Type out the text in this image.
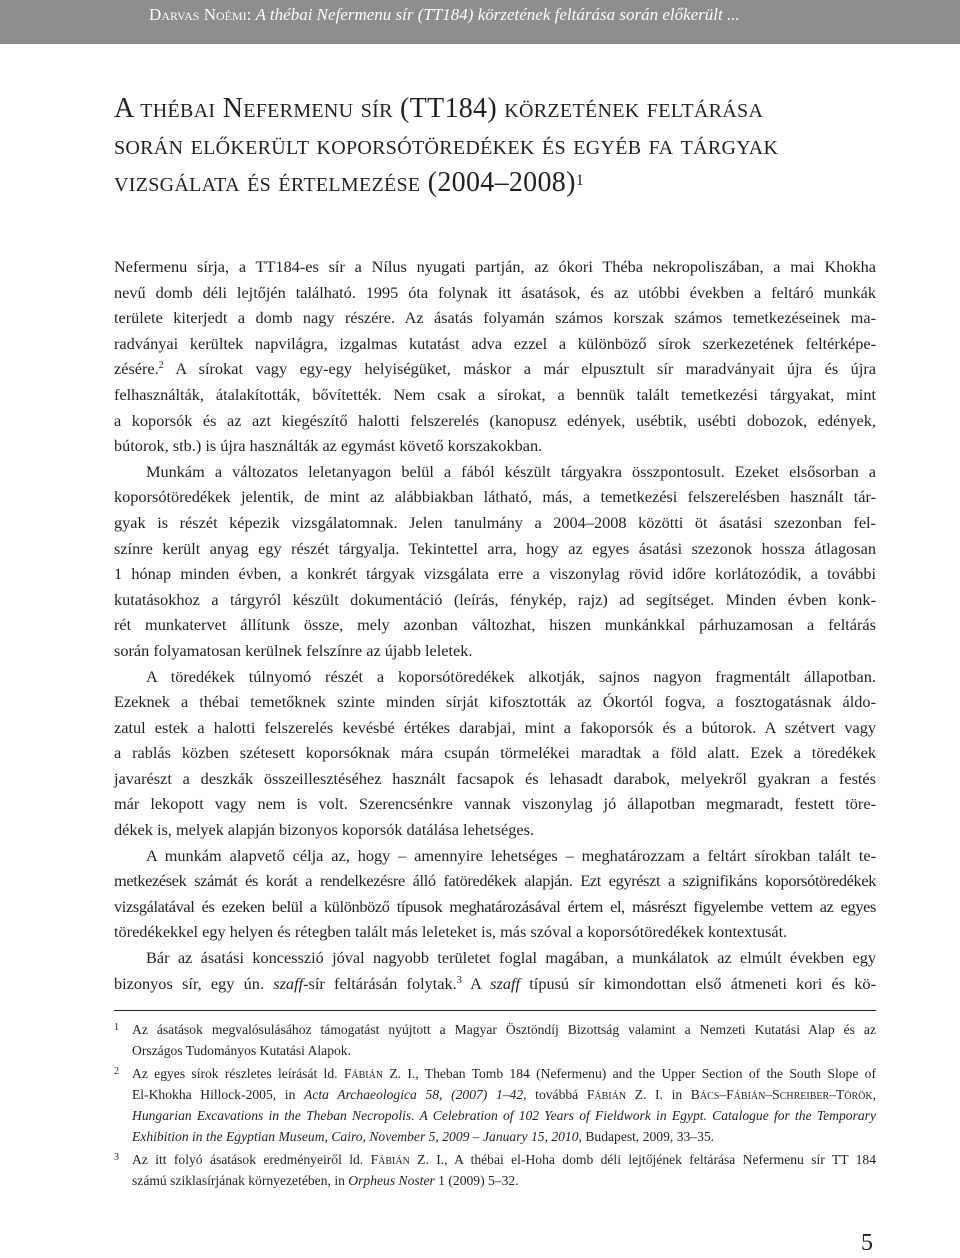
Darvas Noémi: A thébai Nefermenu sír (TT184) körzetének feltárása során előkerült ...
A thébai Nefermenu sír (TT184) körzetének feltárása
során előkerült koporsótöredékek és egyéb fa tárgyak
vizsgálata és értelmezése (2004–2008)$^1$

Nefermenu sírja, a TT184-es sír a Nílus nyugati partján, az ókori Théba nekropoliszában, a mai Khokha
nevű domb déli lejtőjén található. 1995 óta folynak itt ásatások, és az utóbbi években a feltáró munkák
területe kiterjedt a domb nagy részére. Az ásatás folyamán számos korszak számos temetkezéseinek ma-
radványai kerültek napvilágra, izgalmas kutatást adva ezzel a különböző sírok szerkezetének feltérképe-
zésére.$^2$ A sírokat vagy egy-egy helyiségüket, máskor a már elpusztult sír maradványait újra és újra
felhasználták, átalakították, bővítették. Nem csak a sírokat, a bennük talált temetkezési tárgyakat, mint
a koporsók és az azt kiegészítő halotti felszerelés (kanopusz edények, usébtik, usébti dobozok, edények,
bútorok, stb.) is újra használták az egymást követő korszakokban.

Munkám a változatos leletanyagon belül a fából készült tárgyakra összpontosult. Ezeket elsősorban a
koporsótöredékek jelentik, de mint az alábbiakban látható, más, a temetkezési felszerelésben használt tár-
gyak is részét képezik vizsgálatomnak. Jelen tanulmány a 2004–2008 közötti öt ásatási szezonban fel-
színre került anyag egy részét tárgyalja. Tekintettel arra, hogy az egyes ásatási szezonok hossza átlagosan
1 hónap minden évben, a konkrét tárgyak vizsgálata erre a viszonylag rövid időre korlátozódik, a további
kutatásokhoz a tárgyról készült dokumentáció (leírás, fénykép, rajz) ad segítséget. Minden évben konk-
rét munkatervet állítunk össze, mely azonban változhat, hiszen munkánkkal párhuzamosan a feltárás
során folyamatosan kerülnek felszínre az újabb leletek.

A töredékek túlnyomó részét a koporsótöredékek alkotják, sajnos nagyon fragmentált állapotban.
Ezeknek a thébai temetőknek szinte minden sírját kifosztották az Ókortól fogva, a fosztogatásnak áldo-
zatul estek a halotti felszerelés kevésbé értékes darabjai, mint a fakoporsók és a bútorok. A szétvert vagy
a rablás közben szétesett koporsóknak mára csupán törmelékei maradtak a föld alatt. Ezek a töredékek
javarészt a deszkák összeillesztéséhez használt facsapok és lehasadt darabok, melyekről gyakran a festés
már lekopott vagy nem is volt. Szerencsénkre vannak viszonylag jó állapotban megmaradt, festett töre-
dékek is, melyek alapján bizonyos koporsók datálása lehetséges.

A munkám alapvető célja az, hogy – amennyire lehetséges – meghatározzam a feltárt sírokban talált te-
metkezések számát és korát a rendelkezésre álló fatöredékek alapján. Ezt egyrészt a szignifikáns koporsótöredékek
vizsgálatával és ezeken belül a különböző típusok meghatározásával értem el, másrészt figyelembe vettem az egyes
töredékekkel egy helyen és rétegben talált más leleteket is, más szóval a koporsótöredékek kontextusát.

Bár az ásatási koncesszió jóval nagyobb területet foglal magában, a munkálatok az elmúlt években egy
bizonyos sír, egy ún. szaff-sír feltárásán folytak.$^3$ A szaff típusú sír kimondottan első átmeneti kori és kö-

1 Az ásatások megvalósulásához támogatást nyújtott a Magyar Ösztöndíj Bizottság valamint a Nemzeti Kutatási Alap és az
Országos Tudományos Kutatási Alapok.
2 Az egyes sírok részletes leírását ld. Fábián Z. I., Theban Tomb 184 (Nefermenu) and the Upper Section of the South Slope of
El-Khokha Hillock-2005, in Acta Archaeologica 58, (2007) 1–42, továbbá Fábián Z. I. in Bács–Fábián–Schreiber–Török,
Hungarian Excavations in the Theban Necropolis. A Celebration of 102 Years of Fieldwork in Egypt. Catalogue for the Temporary
Exhibition in the Egyptian Museum, Cairo, November 5, 2009 – January 15, 2010, Budapest, 2009, 33–35.
3 Az itt folyó ásatások eredményeiről ld. Fábián Z. I., A thébai el-Hoha domb déli lejtőjének feltárása Nefermenu sír TT 184
számú sziklasírjának környezetében, in Orpheus Noster 1 (2009) 5–32.
5
